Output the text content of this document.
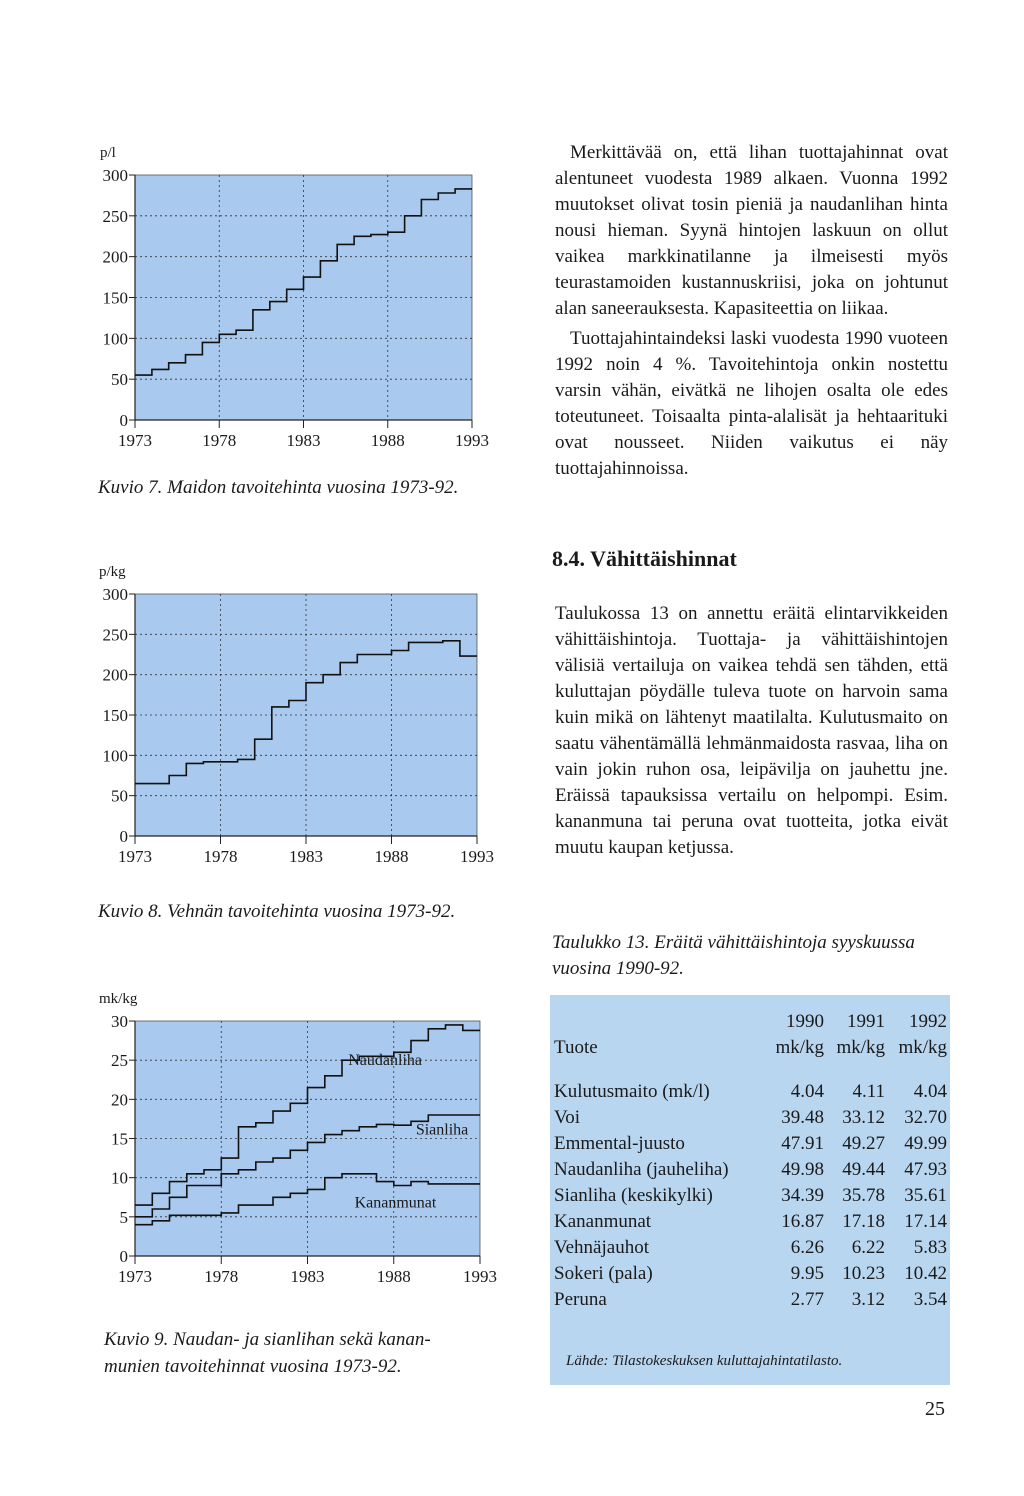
0
50
100
150
200
250
300
1973	1978	1983	1988	1993
p/l
Kuvio 7. Maidon tavoitehinta vuosina 1973-92.
0
50
100
150
200
250
300
1973	1978	1983	1988	1993
p/kg
Kuvio 8. Vehnän tavoitehinta vuosina 1973-92.
0
5
10
15
20
25
30
1973	1978	1983	1988	1993
mk/kg
Naudanliha
Sianliha
Kananmunat
Kuvio 9. Naudan- ja sianlihan sekä kanan-
munien tavoitehinnat vuosina 1973-92.

Merkittävää on, että lihan tuottajahinnat ovat alentuneet vuodesta 1989 alkaen. Vuonna 1992 muutokset olivat tosin pieniä ja naudanlihan hinta nousi hieman. Syynä hintojen laskuun on ollut vaikea markkinatilanne ja ilmeisesti myös teurastamoiden kustannuskriisi, joka on johtunut alan saneerauksesta. Kapasiteettia on liikaa.

Tuottajahintaindeksi laski vuodesta 1990 vuoteen 1992 noin 4 %. Tavoitehintoja onkin nostettu varsin vähän, eivätkä ne lihojen osalta ole edes toteutuneet. Toisaalta pinta-alalisät ja hehtaarituki ovat nousseet. Niiden vaikutus ei näy tuottajahinnoissa.

8.4. Vähittäishinnat

Taulukossa 13 on annettu eräitä elintarvikkeiden vähittäishintoja. Tuottaja- ja vähittäishintojen välisiä vertailuja on vaikea tehdä sen tähden, että kuluttajan pöydälle tuleva tuote on harvoin sama kuin mikä on lähtenyt maatilalta. Kulutusmaito on saatu vähentämällä lehmänmaidosta rasvaa, liha on vain jokin ruhon osa, leipävilja on jauhettu jne. Eräissä tapauksissa vertailu on helpompi. Esim. kananmuna tai peruna ovat tuotteita, jotka eivät muutu kaupan ketjussa.

Taulukko 13. Eräitä vähittäishintoja syyskuussa vuosina 1990-92.
	1990	1991	1992
Tuote	mk/kg	mk/kg	mk/kg

Kulutusmaito (mk/l)	4.04	4.11	4.04
Voi	39.48	33.12	32.70
Emmental-juusto	47.91	49.27	49.99
Naudanliha (jauheliha)	49.98	49.44	47.93
Sianliha (keskikylki)	34.39	35.78	35.61
Kananmunat	16.87	17.18	17.14
Vehnäjauhot	6.26	6.22	5.83
Sokeri (pala)	9.95	10.23	10.42
Peruna	2.77	3.12	3.54
Lähde: Tilastokeskuksen kuluttajahintatilasto.
25
